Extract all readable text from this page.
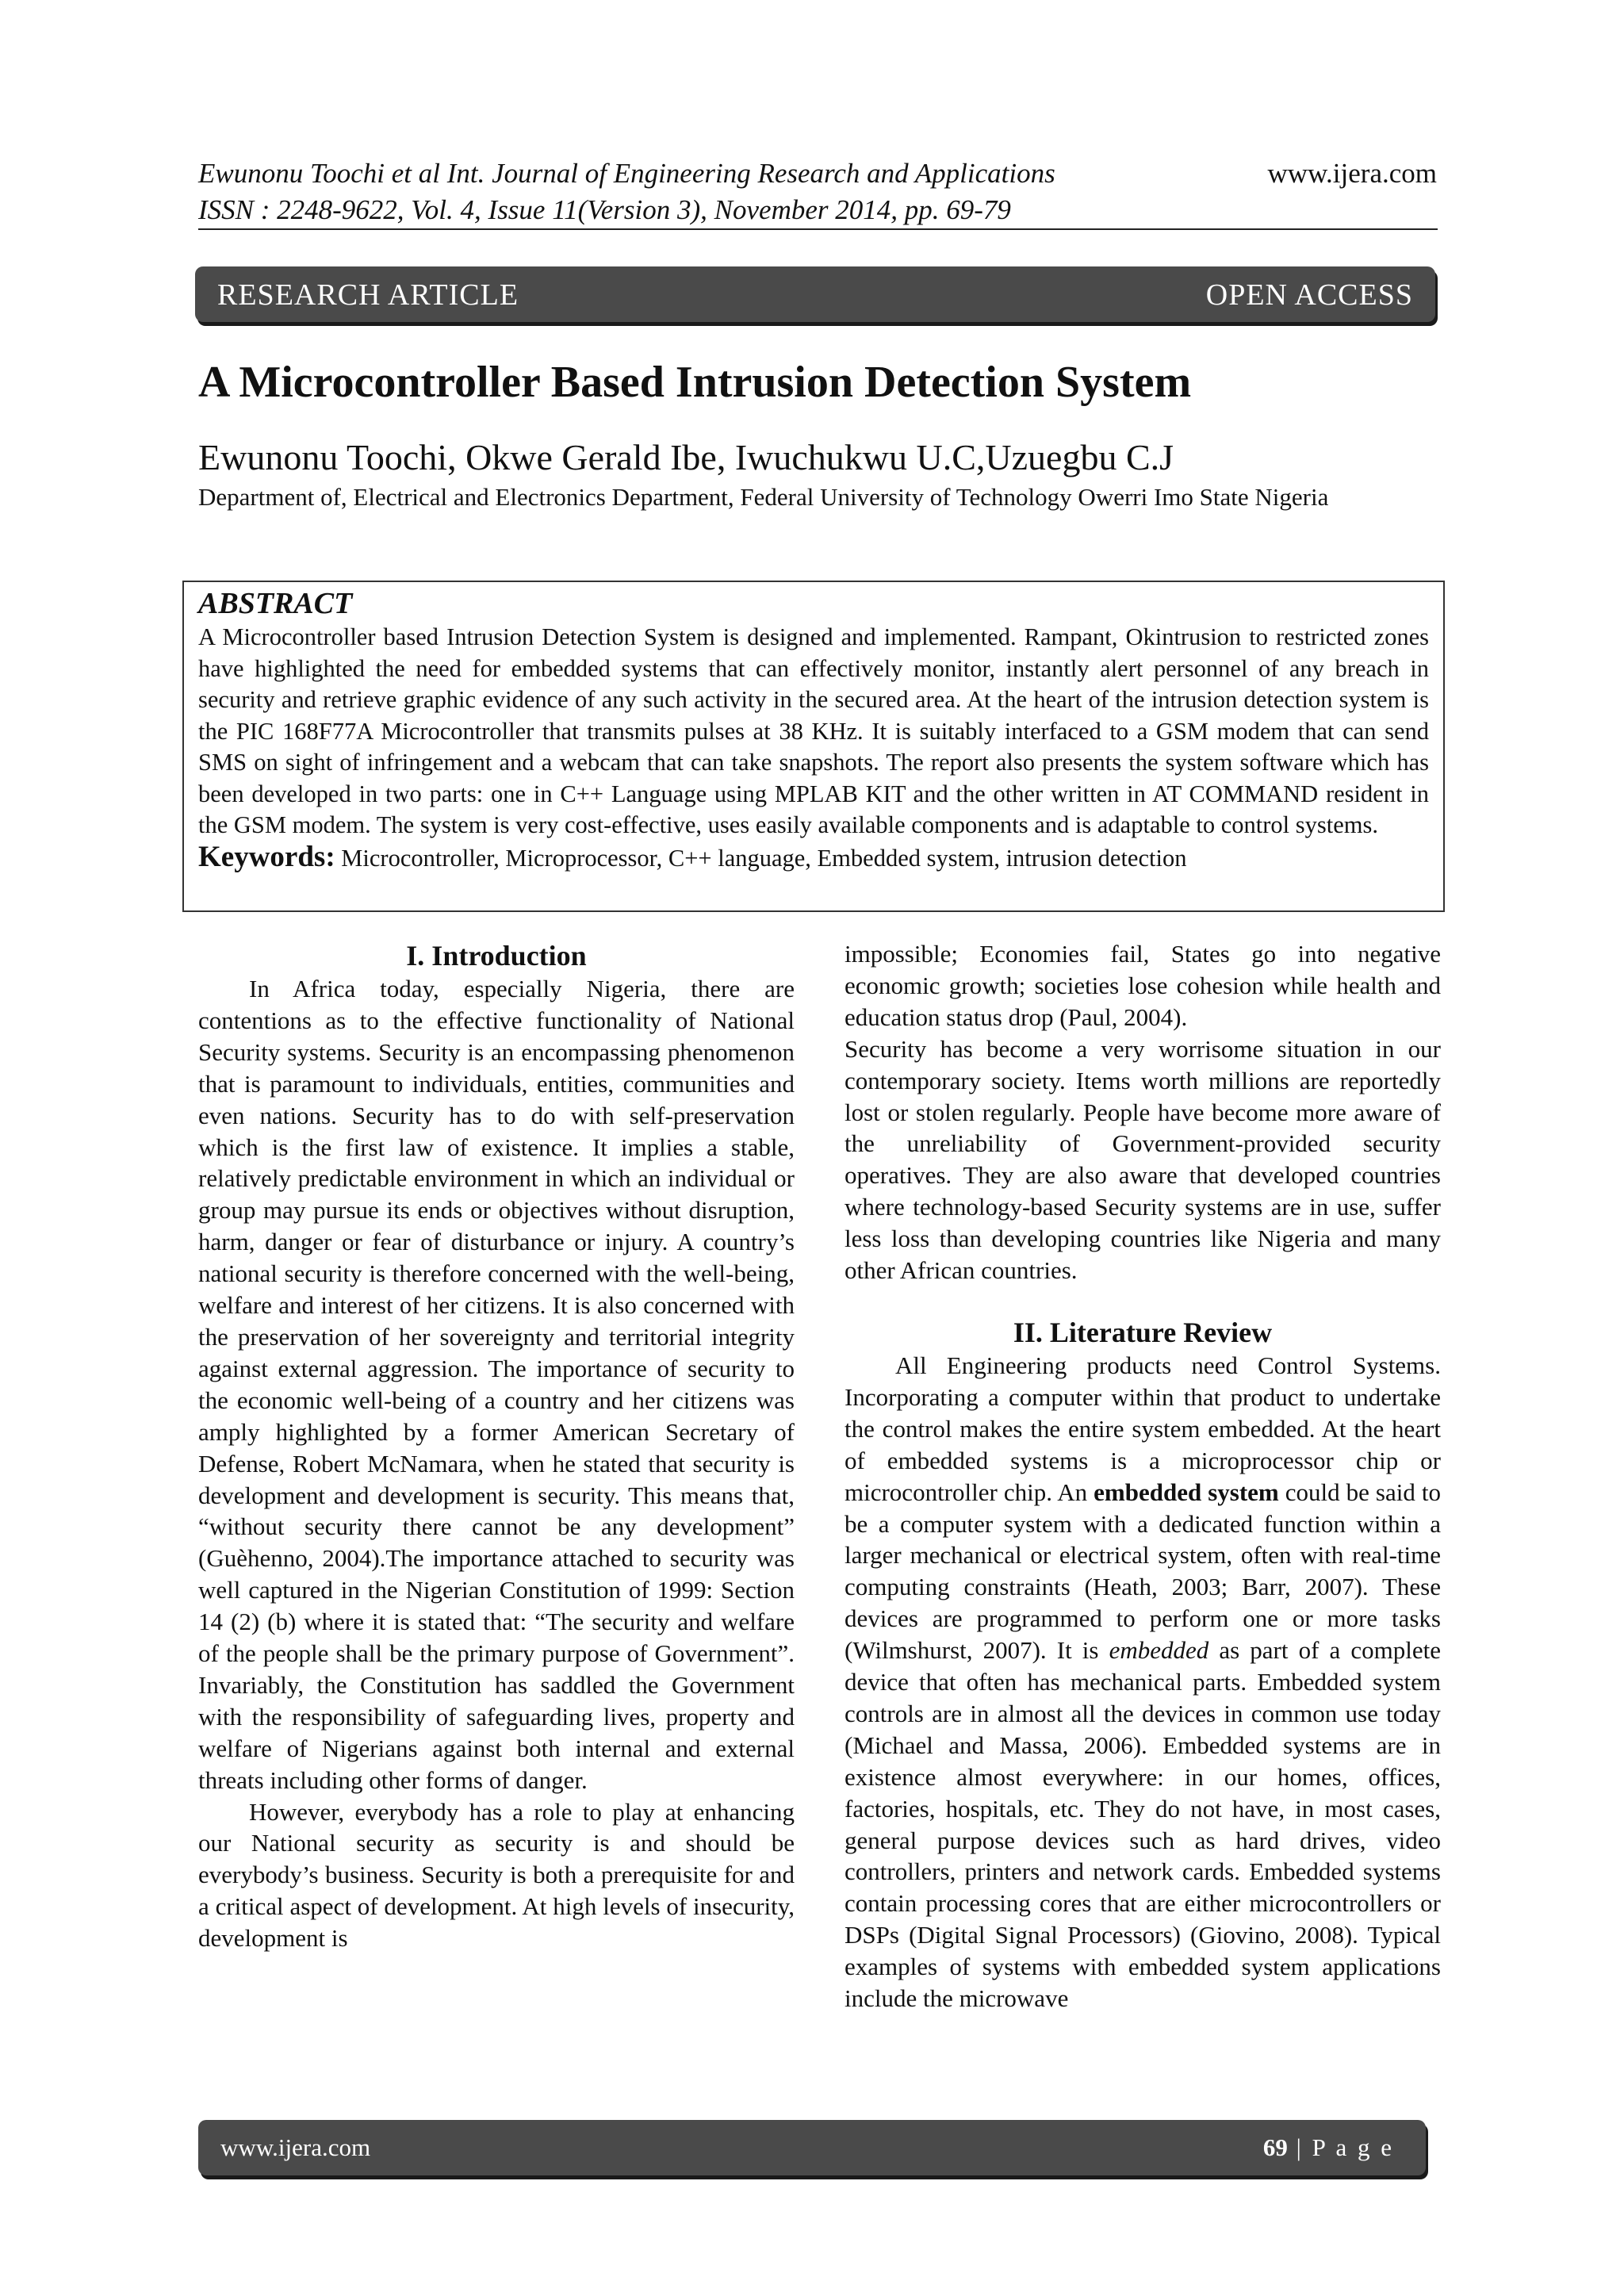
Ewunonu Toochi et al Int. Journal of Engineering Research and Applications
ISSN : 2248-9622, Vol. 4, Issue 11(Version 3), November 2014, pp. 69-79
www.ijera.com
RESEARCH ARTICLE	OPEN ACCESS
A Microcontroller Based Intrusion Detection System
Ewunonu Toochi, Okwe Gerald Ibe, Iwuchukwu U.C,Uzuegbu C.J
Department of, Electrical and Electronics Department, Federal University of Technology Owerri Imo State Nigeria
ABSTRACT
A Microcontroller based Intrusion Detection System is designed and implemented. Rampant, Okintrusion to restricted zones have highlighted the need for embedded systems that can effectively monitor, instantly alert personnel of any breach in security and retrieve graphic evidence of any such activity in the secured area. At the heart of the intrusion detection system is the PIC 168F77A Microcontroller that transmits pulses at 38 KHz. It is suitably interfaced to a GSM modem that can send SMS on sight of infringement and a webcam that can take snapshots. The report also presents the system software which has been developed in two parts: one in C++ Language using MPLAB KIT and the other written in AT COMMAND resident in the GSM modem. The system is very cost-effective, uses easily available components and is adaptable to control systems.
Keywords: Microcontroller, Microprocessor, C++ language, Embedded system, intrusion detection
I. Introduction

In Africa today, especially Nigeria, there are contentions as to the effective functionality of National Security systems. Security is an encompassing phenomenon that is paramount to individuals, entities, communities and even nations. Security has to do with self-preservation which is the first law of existence. It implies a stable, relatively predictable environment in which an individual or group may pursue its ends or objectives without disruption, harm, danger or fear of disturbance or injury. A country’s national security is therefore concerned with the well-being, welfare and interest of her citizens. It is also concerned with the preservation of her sovereignty and territorial integrity against external aggression. The importance of security to the economic well-being of a country and her citizens was amply highlighted by a former American Secretary of Defense, Robert McNamara, when he stated that security is development and development is security. This means that, “without security there cannot be any development” (Guèhenno, 2004).The importance attached to security was well captured in the Nigerian Constitution of 1999: Section 14 (2) (b) where it is stated that: “The security and welfare of the people shall be the primary purpose of Government”. Invariably, the Constitution has saddled the Government with the responsibility of safeguarding lives, property and welfare of Nigerians against both internal and external threats including other forms of danger.

However, everybody has a role to play at enhancing our National security as security is and should be everybody’s business. Security is both a prerequisite for and a critical aspect of development. At high levels of insecurity, development is

impossible; Economies fail, States go into negative economic growth; societies lose cohesion while health and education status drop (Paul, 2004).

Security has become a very worrisome situation in our contemporary society. Items worth millions are reportedly lost or stolen regularly. People have become more aware of the unreliability of Government-provided security operatives. They are also aware that developed countries where technology-based Security systems are in use, suffer less loss than developing countries like Nigeria and many other African countries.

II. Literature Review

All Engineering products need Control Systems. Incorporating a computer within that product to undertake the control makes the entire system embedded. At the heart of embedded systems is a microprocessor chip or microcontroller chip. An embedded system could be said to be a computer system with a dedicated function within a larger mechanical or electrical system, often with real-time computing constraints (Heath, 2003; Barr, 2007). These devices are programmed to perform one or more tasks (Wilmshurst, 2007). It is embedded as part of a complete device that often has mechanical parts. Embedded system controls are in almost all the devices in common use today (Michael and Massa, 2006). Embedded systems are in existence almost everywhere: in our homes, offices, factories, hospitals, etc. They do not have, in most cases, general purpose devices such as hard drives, video controllers, printers and network cards. Embedded systems contain processing cores that are either microcontrollers or DSPs (Digital Signal Processors) (Giovino, 2008). Typical examples of systems with embedded system applications include the microwave

www.ijera.com	69 | P a g e
